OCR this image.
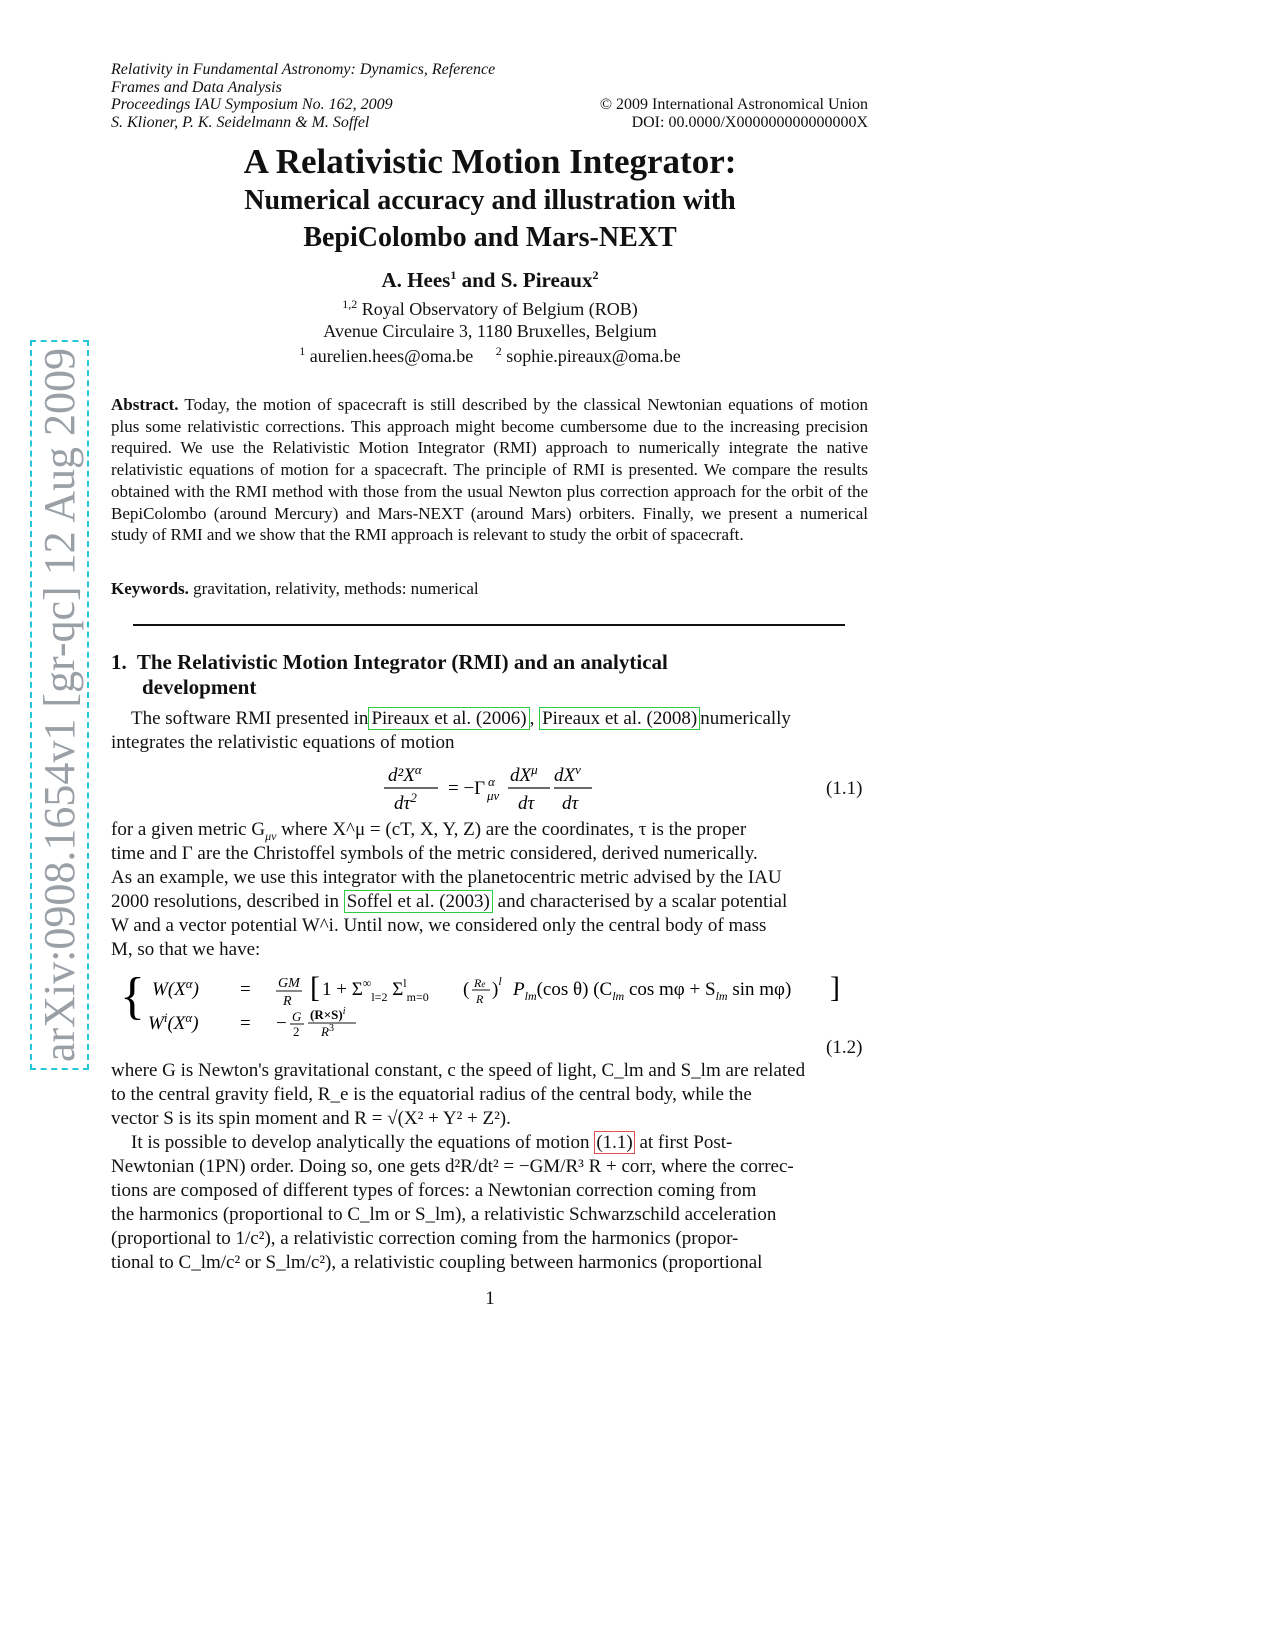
Relativity in Fundamental Astronomy: Dynamics, Reference
Frames and Data Analysis
Proceedings IAU Symposium No. 162, 2009
S. Klioner, P. K. Seidelmann & M. Soffel
© 2009 International Astronomical Union
DOI: 00.0000/X000000000000000X
arXiv:0908.1654v1 [gr-qc] 12 Aug 2009
A Relativistic Motion Integrator:
Numerical accuracy and illustration with
BepiColombo and Mars-NEXT
A. Hees$^1$ and S. Pireaux$^2$
$^{1,2}$ Royal Observatory of Belgium (ROB)
Avenue Circulaire 3, 1180 Bruxelles, Belgium
$^1$ aurelien.hees@oma.be $^2$ sophie.pireaux@oma.be
Abstract. Today, the motion of spacecraft is still described by the classical Newtonian equations of motion plus some relativistic corrections. This approach might become cumbersome due to the increasing precision required. We use the Relativistic Motion Integrator (RMI) approach to numerically integrate the native relativistic equations of motion for a spacecraft. The principle of RMI is presented. We compare the results obtained with the RMI method with those from the usual Newton plus correction approach for the orbit of the BepiColombo (around Mercury) and Mars-NEXT (around Mars) orbiters. Finally, we present a numerical study of RMI and we show that the RMI approach is relevant to study the orbit of spacecraft.
Keywords. gravitation, relativity, methods: numerical
1. The Relativistic Motion Integrator (RMI) and an analytical
development
The software RMI presented in Pireaux et al. (2006) , Pireaux et al. (2008) numerically
integrates the relativistic equations of motion
$d^2X^\alpha$
$d\tau^2 = -\Gamma$ α
μν
$dX^\mu$
dτ
$dX^\nu$
dτ
(1.1)
for a given metric $G_{\mu\nu}$ where X^μ = (cT, X, Y, Z) are the coordinates, τ is the proper
time and Γ are the Christoffel symbols of the metric considered, derived numerically.
As an example, we use this integrator with the planetocentric metric advised by the IAU
2000 resolutions, described in Soffel et al. (2003) and characterised by a scalar potential
W and a vector potential W^i. Until now, we considered only the central body of mass
M, so that we have:
{ $W(X^\alpha)$ = GM
R [ $1 + \Sigma^\infty_{l=2}$ $\Sigma^l_{m=0}$ ( Re
R )$^l$ $P_{lm}(\cos$ θ) ($C_{lm}$ $\cos m\varphi + S_{lm}$ sin mφ) ]
$W^i(X^\alpha)$ = − G
2
$(R\times S)^i$
$R^3$
(1.2)
where G is Newton's gravitational constant, c the speed of light, C_lm and S_lm are related
to the central gravity field, R_e is the equatorial radius of the central body, while the
vector S is its spin moment and R = √(X² + Y² + Z²).
It is possible to develop analytically the equations of motion (1.1) at first Post-
Newtonian (1PN) order. Doing so, one gets d²R/dt² = −GM/R³ R + corr, where the correc-
tions are composed of different types of forces: a Newtonian correction coming from
the harmonics (proportional to C_lm or S_lm), a relativistic Schwarzschild acceleration
(proportional to 1/c²), a relativistic correction coming from the harmonics (propor-
tional to C_lm/c² or S_lm/c²), a relativistic coupling between harmonics (proportional
1
